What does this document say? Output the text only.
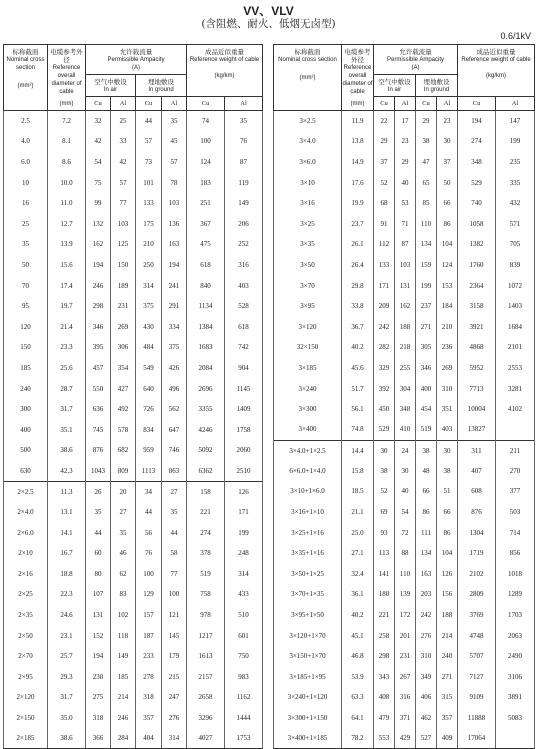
VV、VLV
(含阻燃、耐火、低烟无卤型)
0.6/1kV
标称截面
Nominal cross section
(mm²)	电缆参考外径
Reference overall diameter of cable
(mm)	允许载流量
Permissible Ampacity
(A)				成品近似重量
Reference weight of cable
(kg/km)	

		空气中敷设
In air		埋地敷设
In ground			

		Cu	Al	Cu	Al	Cu	Al
2.5	7.2	32	25	44	35	74	35
4.0	8.1	42	33	57	45	100	76
6.0	8.6	54	42	73	57	124	87
10	10.0	75	57	101	78	183	119
16	11.0	99	77	133	103	251	149
25	12.7	132	103	175	136	367	206
35	13.9	162	125	210	163	475	252
50	15.6	194	150	250	194	618	316
70	17.4	246	189	314	241	840	403
95	19.7	298	231	375	291	1134	528
120	21.4	346	269	430	334	1384	618
150	23.3	395	306	484	375	1683	742
185	25.6	457	354	549	426	2084	904
240	28.7	550	427	640	496	2696	1145
300	31.7	636	492	726	562	3355	1409
400	35.1	745	578	834	647	4246	1758
500	38.6	876	682	959	746	5092	2060
630	42.3	1043	809	1113	863	6362	2510
2×2.5	11.3	26	20	34	27	158	126
2×4.0	13.1	35	27	44	35	221	171
2×6.0	14.1	44	35	56	44	274	199
2×10	16.7	60	46	76	58	378	248
2×16	18.8	80	62	100	77	519	314
2×25	22.3	107	83	129	100	758	433
2×35	24.6	131	102	157	121	978	510
2×50	23.1	152	118	187	145	1217	601
2×70	25.7	194	149	233	179	1613	750
2×95	29.3	238	185	278	215	2157	983
2×120	31.7	275	214	318	247	2658	1162
2×150	35.0	318	246	357	276	3296	1444
2×185	38.6	366	284	404	314	4027	1753
标称截面
Nominal cross section
(mm²)	电缆参考外径
Reference overall diameter of cable
(mm)	允许载流量
Permissible Ampacity
(A)				成品近似重量
Reference weight of cable
(kg/km)	

		空气中敷设
In air		埋地敷设
In ground			

		Cu	Al	Cu	Al	Cu	Al
3×2.5	11.9	22	17	29	23	194	147
3×4.0	13.8	29	23	38	30	274	199
3×6.0	14.9	37	29	47	37	348	235
3×10	17.6	52	40	65	50	529	335
3×16	19.9	68	53	85	66	740	432
3×25	23.7	91	71	110	86	1058	571
3×35	26.1	112	87	134	104	1382	705
3×50	26.4	133	103	159	124	1760	839
3×70	29.8	171	131	199	153	2364	1072
3×95	33.8	209	162	237	184	3158	1403
3×120	36.7	242	188	271	210	3921	1684
32×150	40.2	282	218	305	236	4868	2101
3×185	45.6	329	255	346	269	5952	2553
3×240	51.7	392	304	400	310	7713	3281
3×300	56.1	450	348	454	351	10004	4102
3×400	74.8	529	410	519	403	13827	
3×4.0+1×2.5	14.4	30	24	38	30	311	211
6×6.0+1×4.0	15.8	38	30	48	38	407	270
3×10+1×6.0	18.5	52	40	66	51	608	377
3×16+1×10	21.1	69	54	86	66	876	503
3×25+1×16	25.0	93	72	111	86	1304	714
3×35+1×16	27.1	113	88	134	104	1719	856
3×50+1×25	32.4	141	110	163	126	2102	1018
3×70+1×35	36.1	180	139	203	156	2809	1289
3×95+1×50	40.2	221	172	242	188	3769	1703
3×120+1×70	45.1	258	201	276	214	4748	2063
3×150+1×70	46.8	298	231	310	240	5707	2490
3×185+1×95	53.9	343	267	349	271	7127	3106
3×240+1×120	63.3	408	316	406	315	9109	3891
3×300+1×150	64.1	479	371	462	357	11888	5083
3×400+1×185	78.2	553	429	527	409	17064	
